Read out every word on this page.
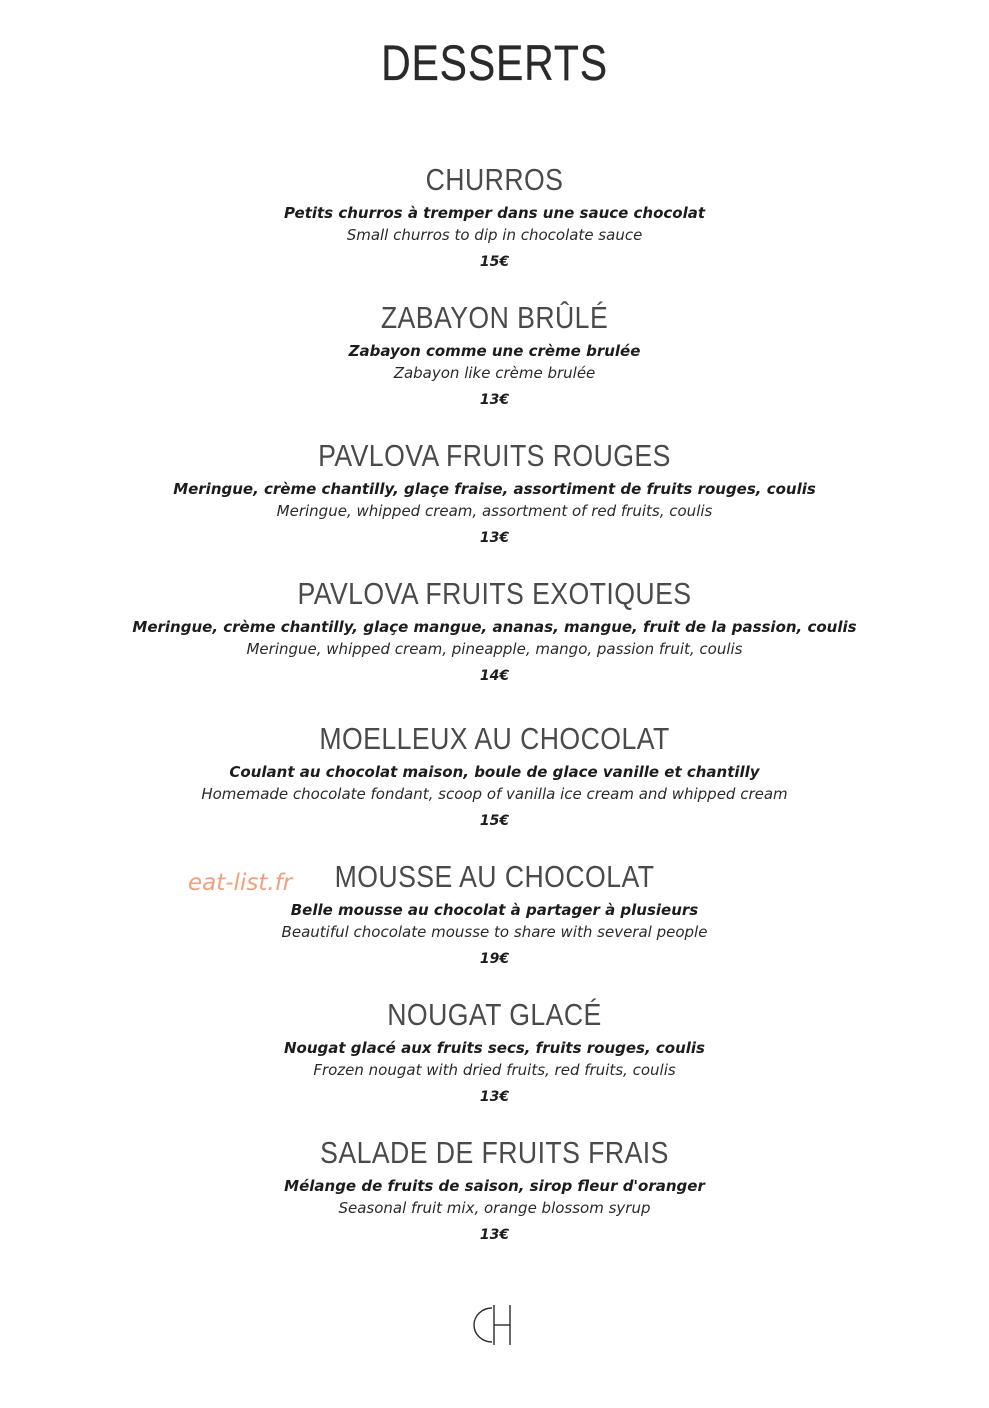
DESSERTS
CHURROS
Petits churros à tremper dans une sauce chocolat
Small churros to dip in chocolate sauce
15€
ZABAYON BRÛLÉ
Zabayon comme une crème brulée
Zabayon like crème brulée
13€
PAVLOVA FRUITS ROUGES
Meringue, crème chantilly, glaçe fraise, assortiment de fruits rouges, coulis
Meringue, whipped cream, assortment of red fruits, coulis
13€
PAVLOVA FRUITS EXOTIQUES
Meringue, crème chantilly, glaçe mangue, ananas, mangue, fruit de la passion, coulis
Meringue, whipped cream, pineapple, mango, passion fruit, coulis
14€
MOELLEUX AU CHOCOLAT
Coulant au chocolat maison, boule de glace vanille et chantilly
Homemade chocolate fondant, scoop of vanilla ice cream and whipped cream
15€
MOUSSE AU CHOCOLAT
Belle mousse au chocolat à partager à plusieurs
Beautiful chocolate mousse to share with several people
19€
NOUGAT GLACÉ
Nougat glacé aux fruits secs, fruits rouges, coulis
Frozen nougat with dried fruits, red fruits, coulis
13€
SALADE DE FRUITS FRAIS
Mélange de fruits de saison, sirop fleur d'oranger
Seasonal fruit mix, orange blossom syrup
13€
eat-list.fr
